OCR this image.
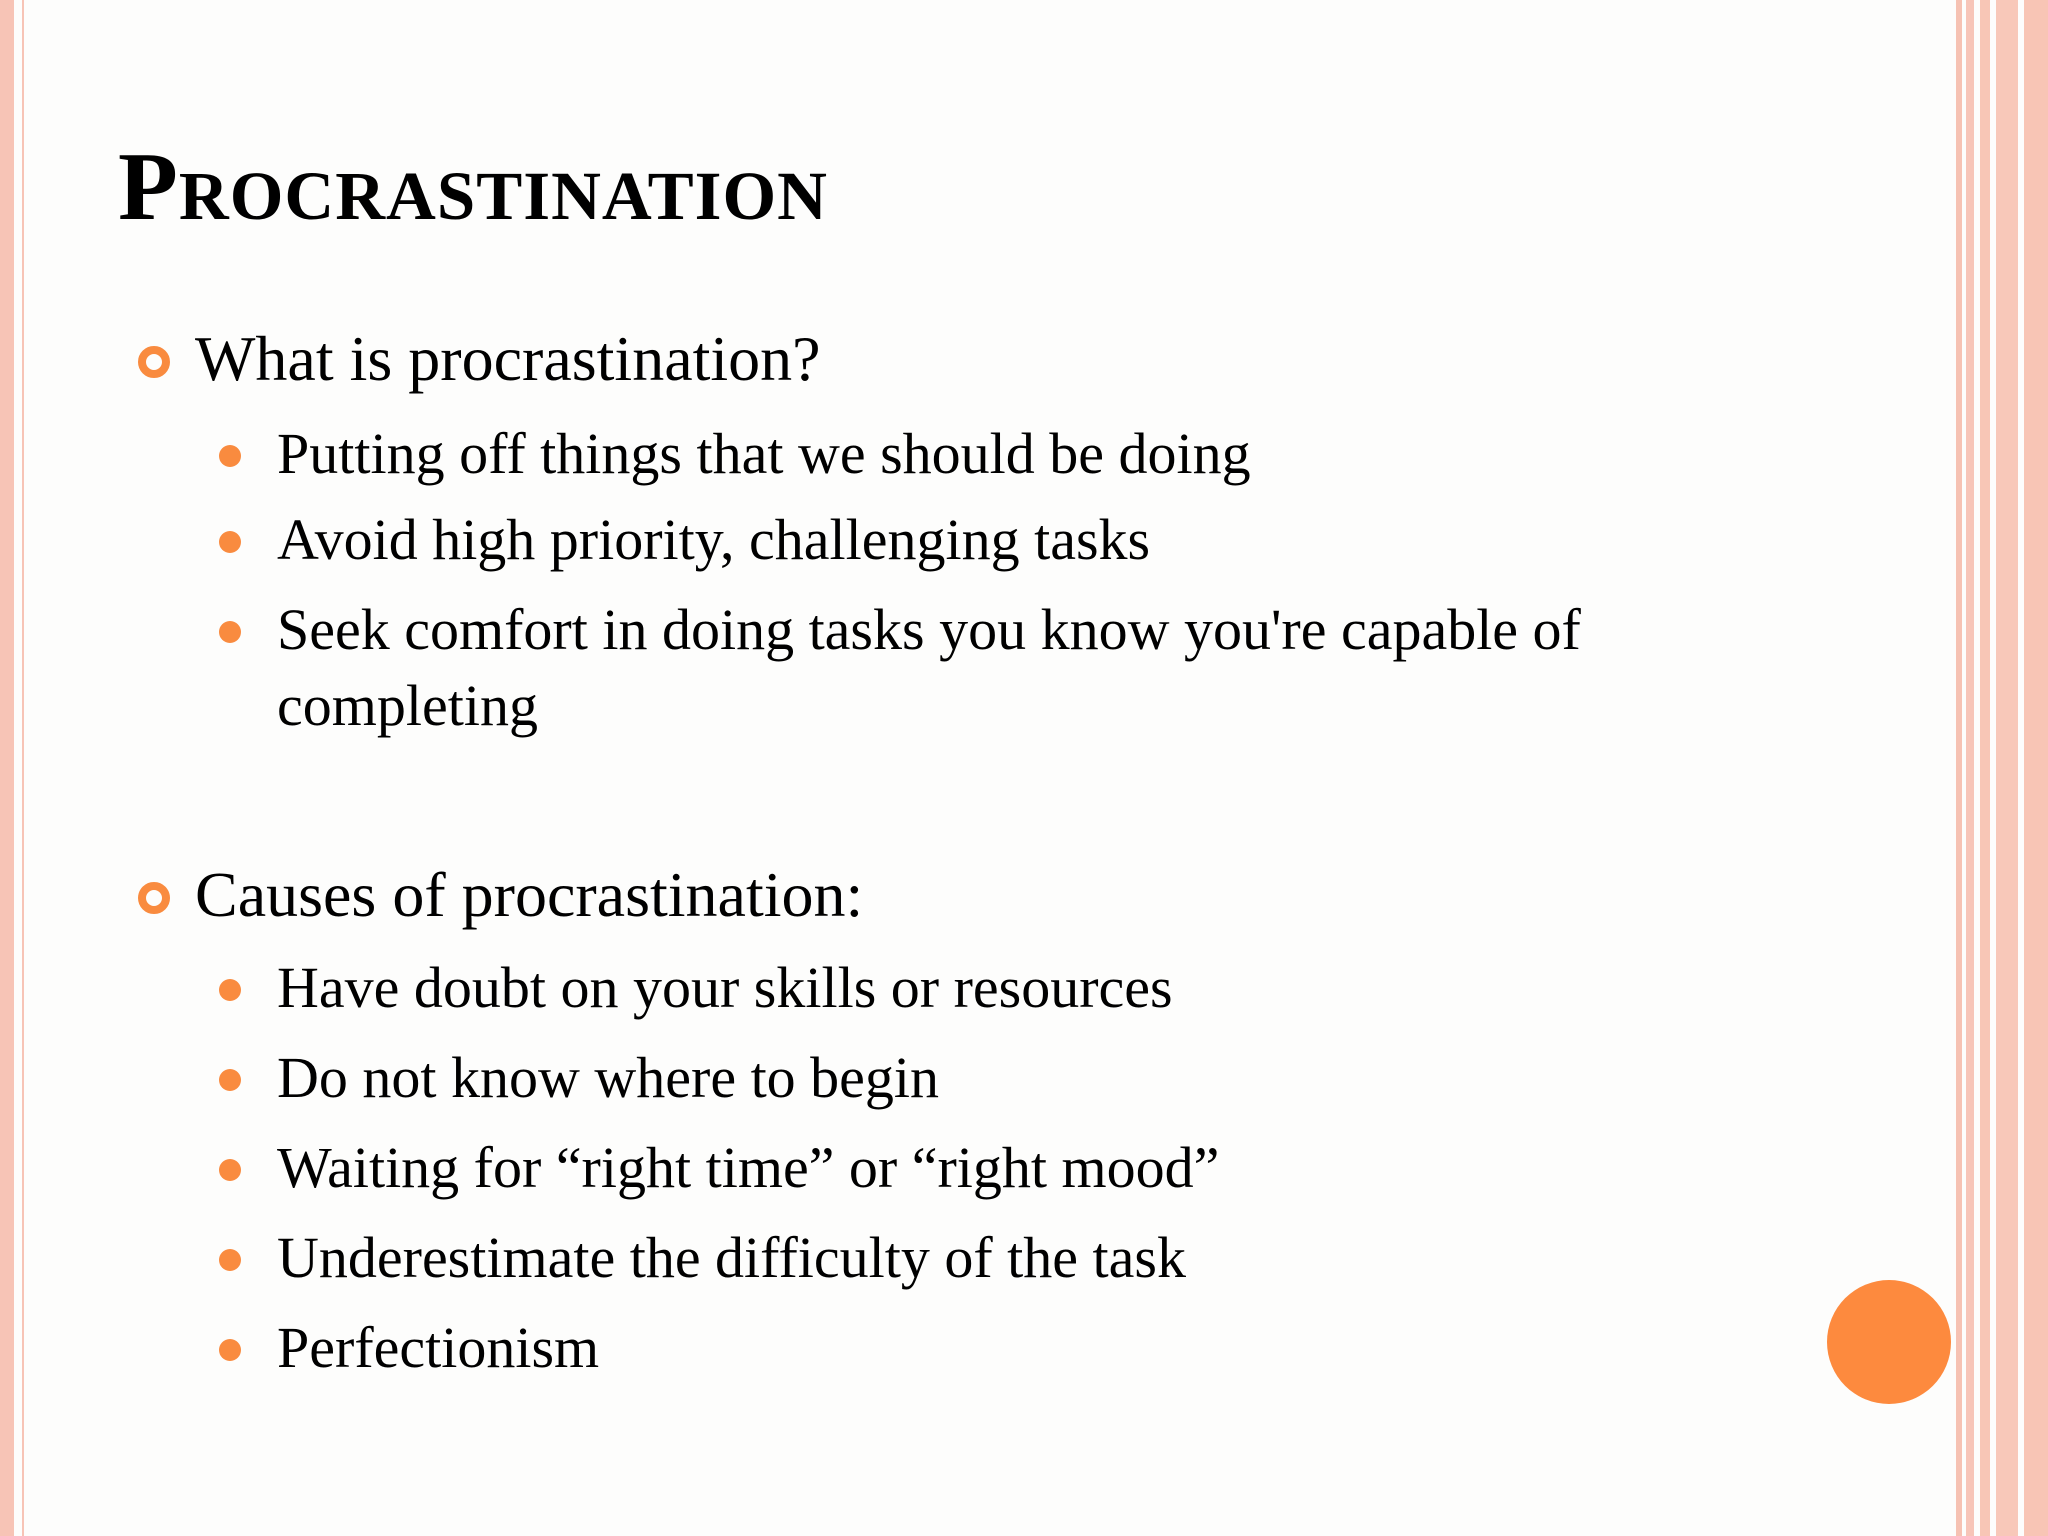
Procrastination
What is procrastination?
Putting off things that we should be doing
Avoid high priority, challenging tasks
Seek comfort in doing tasks you know you're capable of
completing
Causes of procrastination:
Have doubt on your skills or resources
Do not know where to begin
Waiting for “right time” or “right mood”
Underestimate the difficulty of the task
Perfectionism
